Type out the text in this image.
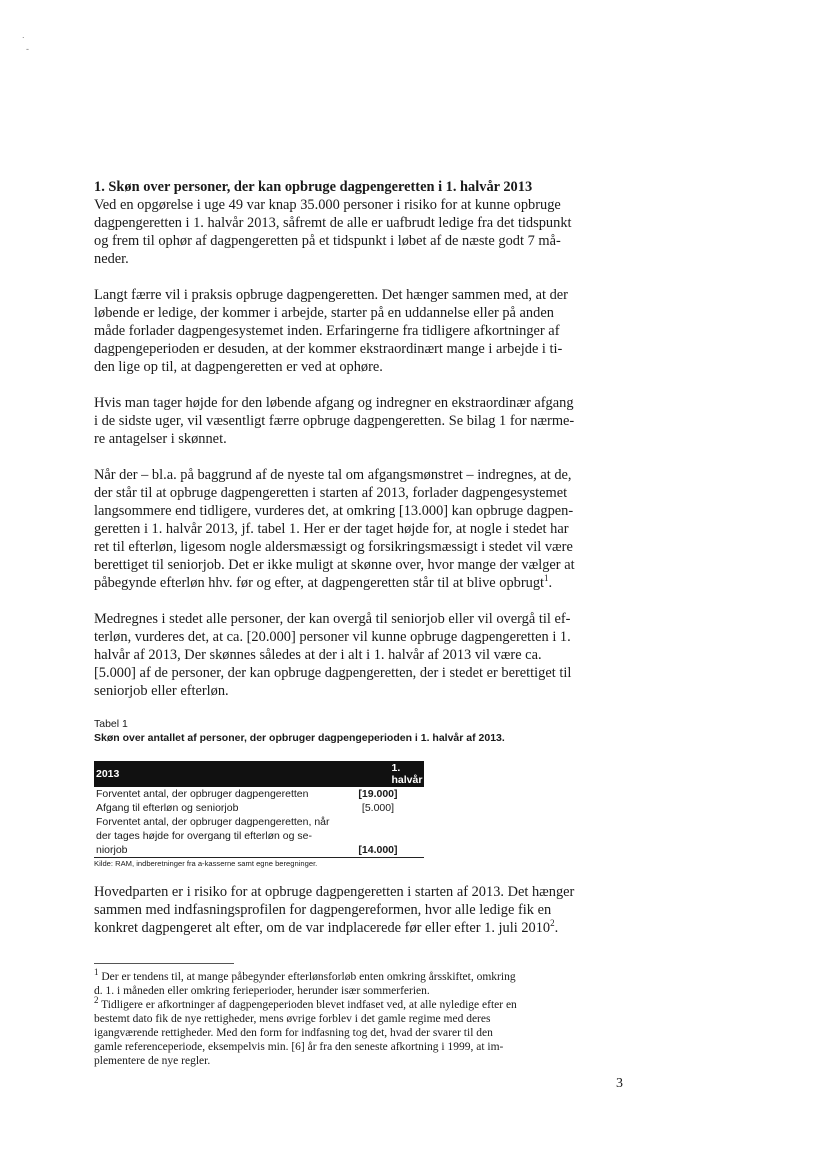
.
-
1. Skøn over personer, der kan opbruge dagpengeretten i 1. halvår 2013

Ved en opgørelse i uge 49 var knap 35.000 personer i risiko for at kunne opbruge
dagpengeretten i 1. halvår 2013, såfremt de alle er uafbrudt ledige fra det tidspunkt
og frem til ophør af dagpengeretten på et tidspunkt i løbet af de næste godt 7 må-
neder.

Langt færre vil i praksis opbruge dagpengeretten. Det hænger sammen med, at der
løbende er ledige, der kommer i arbejde, starter på en uddannelse eller på anden
måde forlader dagpengesystemet inden. Erfaringerne fra tidligere afkortninger af
dagpengeperioden er desuden, at der kommer ekstraordinært mange i arbejde i ti-
den lige op til, at dagpengeretten er ved at ophøre.

Hvis man tager højde for den løbende afgang og indregner en ekstraordinær afgang
i de sidste uger, vil væsentligt færre opbruge dagpengeretten. Se bilag 1 for nærme-
re antagelser i skønnet.

Når der – bl.a. på baggrund af de nyeste tal om afgangsmønstret – indregnes, at de,
der står til at opbruge dagpengeretten i starten af 2013, forlader dagpengesystemet
langsommere end tidligere, vurderes det, at omkring [13.000] kan opbruge dagpen-
geretten i 1. halvår 2013, jf. tabel 1. Her er der taget højde for, at nogle i stedet har
ret til efterløn, ligesom nogle aldersmæssigt og forsikringsmæssigt i stedet vil være
berettiget til seniorjob. Det er ikke muligt at skønne over, hvor mange der vælger at
påbegynde efterløn hhv. før og efter, at dagpengeretten står til at blive opbrugt$^1$.

Medregnes i stedet alle personer, der kan overgå til seniorjob eller vil overgå til ef-
terløn, vurderes det, at ca. [20.000] personer vil kunne opbruge dagpengeretten i 1.
halvår af 2013, Der skønnes således at der i alt i 1. halvår af 2013 vil være ca.
[5.000] af de personer, der kan opbruge dagpengeretten, der i stedet er berettiget til
seniorjob eller efterløn.

Tabel 1
Skøn over antallet af personer, der opbruger dagpengeperioden i 1. halvår af 2013.
2013	1. halvår
Forventet antal, der opbruger dagpengeretten	[19.000]
Afgang til efterløn og seniorjob	[5.000]

Forventet antal, der opbruger dagpengeretten, når
der tages højde for overgang til efterløn og se-
niorjob	[14.000]
Kilde: RAM, indberetninger fra a-kasserne samt egne beregninger.

Hovedparten er i risiko for at opbruge dagpengeretten i starten af 2013. Det hænger
sammen med indfasningsprofilen for dagpengereformen, hvor alle ledige fik en
konkret dagpengeret alt efter, om de var indplacerede før eller efter 1. juli 2010$^2$.

$^1$ Der er tendens til, at mange påbegynder efterlønsforløb enten omkring årsskiftet, omkring
d. 1. i måneden eller omkring ferieperioder, herunder især sommerferien.
$^2$ Tidligere er afkortninger af dagpengeperioden blevet indfaset ved, at alle nyledige efter en
bestemt dato fik de nye rettigheder, mens øvrige forblev i det gamle regime med deres
igangværende rettigheder. Med den form for indfasning tog det, hvad der svarer til den
gamle referenceperiode, eksempelvis min. [6] år fra den seneste afkortning i 1999, at im-
plementere de nye regler.
3
